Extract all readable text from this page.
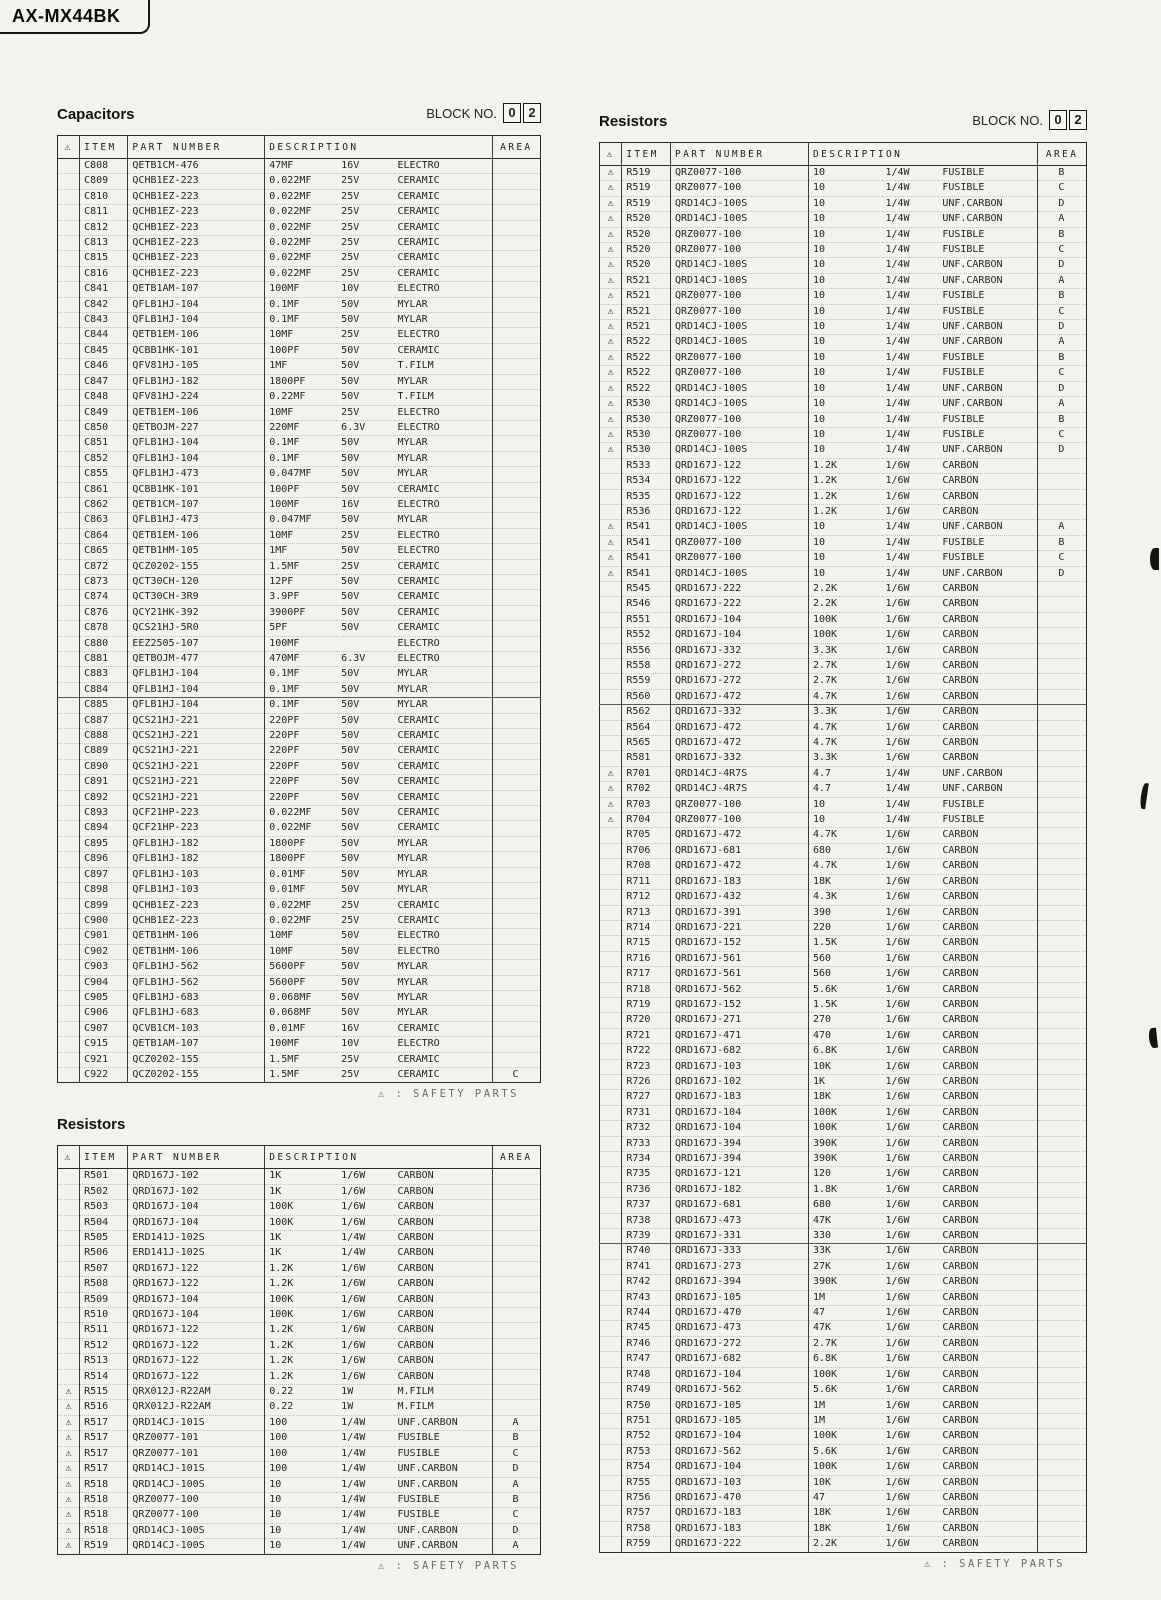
AX-MX44BK
Capacitors	BLOCK NO. 0 2
⚠	ITEM	PART NUMBER	DESCRIPTION			AREA
	C808	QETB1CM-476	47MF	16V	ELECTRO	
	C809	QCHB1EZ-223	0.022MF	25V	CERAMIC	
	C810	QCHB1EZ-223	0.022MF	25V	CERAMIC	
	C811	QCHB1EZ-223	0.022MF	25V	CERAMIC	
	C812	QCHB1EZ-223	0.022MF	25V	CERAMIC	
	C813	QCHB1EZ-223	0.022MF	25V	CERAMIC	
	C815	QCHB1EZ-223	0.022MF	25V	CERAMIC	
	C816	QCHB1EZ-223	0.022MF	25V	CERAMIC	
	C841	QETB1AM-107	100MF	10V	ELECTRO	
	C842	QFLB1HJ-104	0.1MF	50V	MYLAR	
	C843	QFLB1HJ-104	0.1MF	50V	MYLAR	
	C844	QETB1EM-106	10MF	25V	ELECTRO	
	C845	QCBB1HK-101	100PF	50V	CERAMIC	
	C846	QFV81HJ-105	1MF	50V	T.FILM	
	C847	QFLB1HJ-182	1800PF	50V	MYLAR	
	C848	QFV81HJ-224	0.22MF	50V	T.FILM	
	C849	QETB1EM-106	10MF	25V	ELECTRO	
	C850	QETBOJM-227	220MF	6.3V	ELECTRO	
	C851	QFLB1HJ-104	0.1MF	50V	MYLAR	
	C852	QFLB1HJ-104	0.1MF	50V	MYLAR	
	C855	QFLB1HJ-473	0.047MF	50V	MYLAR	
	C861	QCBB1HK-101	100PF	50V	CERAMIC	
	C862	QETB1CM-107	100MF	16V	ELECTRO	
	C863	QFLB1HJ-473	0.047MF	50V	MYLAR	
	C864	QETB1EM-106	10MF	25V	ELECTRO	
	C865	QETB1HM-105	1MF	50V	ELECTRO	
	C872	QCZ0202-155	1.5MF	25V	CERAMIC	
	C873	QCT30CH-120	12PF	50V	CERAMIC	
	C874	QCT30CH-3R9	3.9PF	50V	CERAMIC	
	C876	QCY21HK-392	3900PF	50V	CERAMIC	
	C878	QCS21HJ-5R0	5PF	50V	CERAMIC	
	C880	EEZ2505-107	100MF		ELECTRO	
	C881	QETBOJM-477	470MF	6.3V	ELECTRO	
	C883	QFLB1HJ-104	0.1MF	50V	MYLAR	
	C884	QFLB1HJ-104	0.1MF	50V	MYLAR	
	C885	QFLB1HJ-104	0.1MF	50V	MYLAR	
	C887	QCS21HJ-221	220PF	50V	CERAMIC	
	C888	QCS21HJ-221	220PF	50V	CERAMIC	
	C889	QCS21HJ-221	220PF	50V	CERAMIC	
	C890	QCS21HJ-221	220PF	50V	CERAMIC	
	C891	QCS21HJ-221	220PF	50V	CERAMIC	
	C892	QCS21HJ-221	220PF	50V	CERAMIC	
	C893	QCF21HP-223	0.022MF	50V	CERAMIC	
	C894	QCF21HP-223	0.022MF	50V	CERAMIC	
	C895	QFLB1HJ-182	1800PF	50V	MYLAR	
	C896	QFLB1HJ-182	1800PF	50V	MYLAR	
	C897	QFLB1HJ-103	0.01MF	50V	MYLAR	
	C898	QFLB1HJ-103	0.01MF	50V	MYLAR	
	C899	QCHB1EZ-223	0.022MF	25V	CERAMIC	
	C900	QCHB1EZ-223	0.022MF	25V	CERAMIC	
	C901	QETB1HM-106	10MF	50V	ELECTRO	
	C902	QETB1HM-106	10MF	50V	ELECTRO	
	C903	QFLB1HJ-562	5600PF	50V	MYLAR	
	C904	QFLB1HJ-562	5600PF	50V	MYLAR	
	C905	QFLB1HJ-683	0.068MF	50V	MYLAR	
	C906	QFLB1HJ-683	0.068MF	50V	MYLAR	
	C907	QCVB1CM-103	0.01MF	16V	CERAMIC	
	C915	QETB1AM-107	100MF	10V	ELECTRO	
	C921	QCZ0202-155	1.5MF	25V	CERAMIC	
	C922	QCZ0202-155	1.5MF	25V	CERAMIC	C
⚠ : SAFETY PARTS
Resistors
⚠	ITEM	PART NUMBER	DESCRIPTION			AREA
	R501	QRD167J-102	1K	1/6W	CARBON	
	R502	QRD167J-102	1K	1/6W	CARBON	
	R503	QRD167J-104	100K	1/6W	CARBON	
	R504	QRD167J-104	100K	1/6W	CARBON	
	R505	ERD141J-102S	1K	1/4W	CARBON	
	R506	ERD141J-102S	1K	1/4W	CARBON	
	R507	QRD167J-122	1.2K	1/6W	CARBON	
	R508	QRD167J-122	1.2K	1/6W	CARBON	
	R509	QRD167J-104	100K	1/6W	CARBON	
	R510	QRD167J-104	100K	1/6W	CARBON	
	R511	QRD167J-122	1.2K	1/6W	CARBON	
	R512	QRD167J-122	1.2K	1/6W	CARBON	
	R513	QRD167J-122	1.2K	1/6W	CARBON	
	R514	QRD167J-122	1.2K	1/6W	CARBON	
⚠	R515	QRX012J-R22AM	0.22	1W	M.FILM	
⚠	R516	QRX012J-R22AM	0.22	1W	M.FILM	
⚠	R517	QRD14CJ-101S	100	1/4W	UNF.CARBON	A
⚠	R517	QRZ0077-101	100	1/4W	FUSIBLE	B
⚠	R517	QRZ0077-101	100	1/4W	FUSIBLE	C
⚠	R517	QRD14CJ-101S	100	1/4W	UNF.CARBON	D
⚠	R518	QRD14CJ-100S	10	1/4W	UNF.CARBON	A
⚠	R518	QRZ0077-100	10	1/4W	FUSIBLE	B
⚠	R518	QRZ0077-100	10	1/4W	FUSIBLE	C
⚠	R518	QRD14CJ-100S	10	1/4W	UNF.CARBON	D
⚠	R519	QRD14CJ-100S	10	1/4W	UNF.CARBON	A
⚠ : SAFETY PARTS
Resistors	BLOCK NO. 0 2
⚠	ITEM	PART NUMBER	DESCRIPTION			AREA
⚠	R519	QRZ0077-100	10	1/4W	FUSIBLE	B
⚠	R519	QRZ0077-100	10	1/4W	FUSIBLE	C
⚠	R519	QRD14CJ-100S	10	1/4W	UNF.CARBON	D
⚠	R520	QRD14CJ-100S	10	1/4W	UNF.CARBON	A
⚠	R520	QRZ0077-100	10	1/4W	FUSIBLE	B
⚠	R520	QRZ0077-100	10	1/4W	FUSIBLE	C
⚠	R520	QRD14CJ-100S	10	1/4W	UNF.CARBON	D
⚠	R521	QRD14CJ-100S	10	1/4W	UNF.CARBON	A
⚠	R521	QRZ0077-100	10	1/4W	FUSIBLE	B
⚠	R521	QRZ0077-100	10	1/4W	FUSIBLE	C
⚠	R521	QRD14CJ-100S	10	1/4W	UNF.CARBON	D
⚠	R522	QRD14CJ-100S	10	1/4W	UNF.CARBON	A
⚠	R522	QRZ0077-100	10	1/4W	FUSIBLE	B
⚠	R522	QRZ0077-100	10	1/4W	FUSIBLE	C
⚠	R522	QRD14CJ-100S	10	1/4W	UNF.CARBON	D
⚠	R530	QRD14CJ-100S	10	1/4W	UNF.CARBON	A
⚠	R530	QRZ0077-100	10	1/4W	FUSIBLE	B
⚠	R530	QRZ0077-100	10	1/4W	FUSIBLE	C
⚠	R530	QRD14CJ-100S	10	1/4W	UNF.CARBON	D
	R533	QRD167J-122	1.2K	1/6W	CARBON	
	R534	QRD167J-122	1.2K	1/6W	CARBON	
	R535	QRD167J-122	1.2K	1/6W	CARBON	
	R536	QRD167J-122	1.2K	1/6W	CARBON	
⚠	R541	QRD14CJ-100S	10	1/4W	UNF.CARBON	A
⚠	R541	QRZ0077-100	10	1/4W	FUSIBLE	B
⚠	R541	QRZ0077-100	10	1/4W	FUSIBLE	C
⚠	R541	QRD14CJ-100S	10	1/4W	UNF.CARBON	D
	R545	QRD167J-222	2.2K	1/6W	CARBON	
	R546	QRD167J-222	2.2K	1/6W	CARBON	
	R551	QRD167J-104	100K	1/6W	CARBON	
	R552	QRD167J-104	100K	1/6W	CARBON	
	R556	QRD167J-332	3.3K	1/6W	CARBON	
	R558	QRD167J-272	2.7K	1/6W	CARBON	
	R559	QRD167J-272	2.7K	1/6W	CARBON	
	R560	QRD167J-472	4.7K	1/6W	CARBON	
	R562	QRD167J-332	3.3K	1/6W	CARBON	
	R564	QRD167J-472	4.7K	1/6W	CARBON	
	R565	QRD167J-472	4.7K	1/6W	CARBON	
	R581	QRD167J-332	3.3K	1/6W	CARBON	
⚠	R701	QRD14CJ-4R7S	4.7	1/4W	UNF.CARBON	
⚠	R702	QRD14CJ-4R7S	4.7	1/4W	UNF.CARBON	
⚠	R703	QRZ0077-100	10	1/4W	FUSIBLE	
⚠	R704	QRZ0077-100	10	1/4W	FUSIBLE	
	R705	QRD167J-472	4.7K	1/6W	CARBON	
	R706	QRD167J-681	680	1/6W	CARBON	
	R708	QRD167J-472	4.7K	1/6W	CARBON	
	R711	QRD167J-183	18K	1/6W	CARBON	
	R712	QRD167J-432	4.3K	1/6W	CARBON	
	R713	QRD167J-391	390	1/6W	CARBON	
	R714	QRD167J-221	220	1/6W	CARBON	
	R715	QRD167J-152	1.5K	1/6W	CARBON	
	R716	QRD167J-561	560	1/6W	CARBON	
	R717	QRD167J-561	560	1/6W	CARBON	
	R718	QRD167J-562	5.6K	1/6W	CARBON	
	R719	QRD167J-152	1.5K	1/6W	CARBON	
	R720	QRD167J-271	270	1/6W	CARBON	
	R721	QRD167J-471	470	1/6W	CARBON	
	R722	QRD167J-682	6.8K	1/6W	CARBON	
	R723	QRD167J-103	10K	1/6W	CARBON	
	R726	QRD167J-102	1K	1/6W	CARBON	
	R727	QRD167J-183	18K	1/6W	CARBON	
	R731	QRD167J-104	100K	1/6W	CARBON	
	R732	QRD167J-104	100K	1/6W	CARBON	
	R733	QRD167J-394	390K	1/6W	CARBON	
	R734	QRD167J-394	390K	1/6W	CARBON	
	R735	QRD167J-121	120	1/6W	CARBON	
	R736	QRD167J-182	1.8K	1/6W	CARBON	
	R737	QRD167J-681	680	1/6W	CARBON	
	R738	QRD167J-473	47K	1/6W	CARBON	
	R739	QRD167J-331	330	1/6W	CARBON	
	R740	QRD167J-333	33K	1/6W	CARBON	
	R741	QRD167J-273	27K	1/6W	CARBON	
	R742	QRD167J-394	390K	1/6W	CARBON	
	R743	QRD167J-105	1M	1/6W	CARBON	
	R744	QRD167J-470	47	1/6W	CARBON	
	R745	QRD167J-473	47K	1/6W	CARBON	
	R746	QRD167J-272	2.7K	1/6W	CARBON	
	R747	QRD167J-682	6.8K	1/6W	CARBON	
	R748	QRD167J-104	100K	1/6W	CARBON	
	R749	QRD167J-562	5.6K	1/6W	CARBON	
	R750	QRD167J-105	1M	1/6W	CARBON	
	R751	QRD167J-105	1M	1/6W	CARBON	
	R752	QRD167J-104	100K	1/6W	CARBON	
	R753	QRD167J-562	5.6K	1/6W	CARBON	
	R754	QRD167J-104	100K	1/6W	CARBON	
	R755	QRD167J-103	10K	1/6W	CARBON	
	R756	QRD167J-470	47	1/6W	CARBON	
	R757	QRD167J-183	18K	1/6W	CARBON	
	R758	QRD167J-183	18K	1/6W	CARBON	
	R759	QRD167J-222	2.2K	1/6W	CARBON	
⚠ : SAFETY PARTS
